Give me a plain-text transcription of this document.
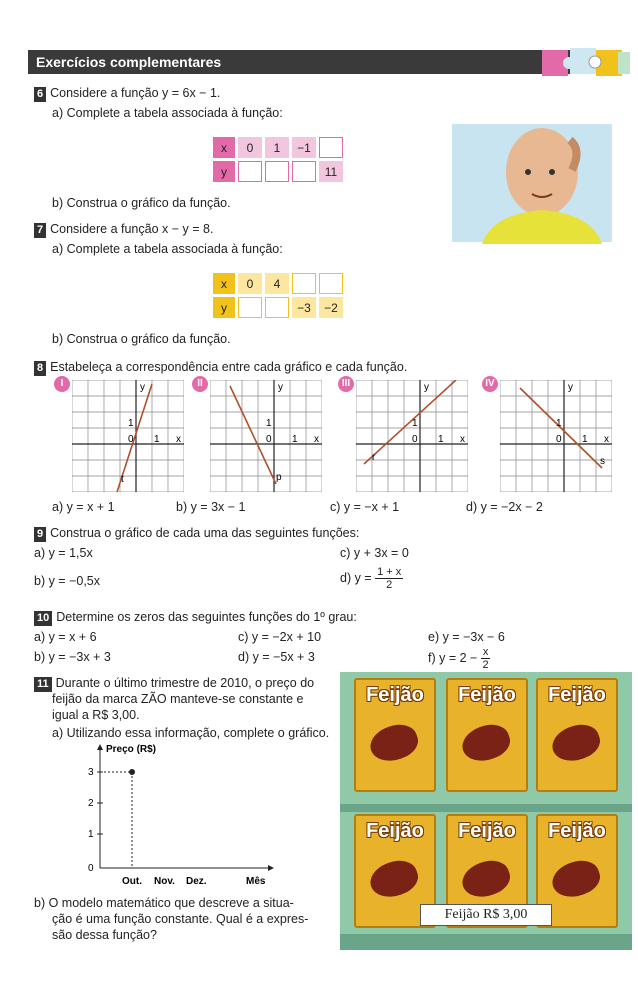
Exercícios complementares
6 Considere a função y = 6x − 1.
a) Complete a tabela associada à função:
x	0	1	−1	
y				11
b) Construa o gráfico da função.
7 Considere a função x − y = 8.
a) Complete a tabela associada à função:
x	0	4		
y			−3	−2
b) Construa o gráfico da função.
8 Estabeleça a correspondência entre cada gráfico e cada função.
I	y
x
1
0 1
t
II	y
x
1
0 1
p
III	y
x
1
0 1
r
IV	y
x
1
0 1
s
a) y = x + 1	b) y = 3x − 1	c) y = −x + 1	d) y = −2x − 2
9 Construa o gráfico de cada uma das seguintes funções:
a) y = 1,5x	c) y + 3x = 0
b) y = −0,5x	d) $y = \frac{1 + x}{2}$
10 Determine os zeros das seguintes funções do 1º grau:
a) y = x + 6	c) y = −2x + 10	e) y = −3x − 6
b) y = −3x + 3	d) y = −5x + 3	f) $y = 2 - \frac{x}{2}$
11 Durante o último trimestre de 2010, o preço do
feijão da marca ZÃO manteve-se constante e
igual a R$ 3,00.
a) Utilizando essa informação, complete o gráfico.
Preço (R$)
3
2
1
0
Out. Nov. Dez.	Mês
b) O modelo matemático que descreve a situa-
ção é uma função constante. Qual é a expres-
são dessa função?
Feijão	Feijão	Feijão
Feijão	Feijão	Feijão
Feijão R$ 3,00
